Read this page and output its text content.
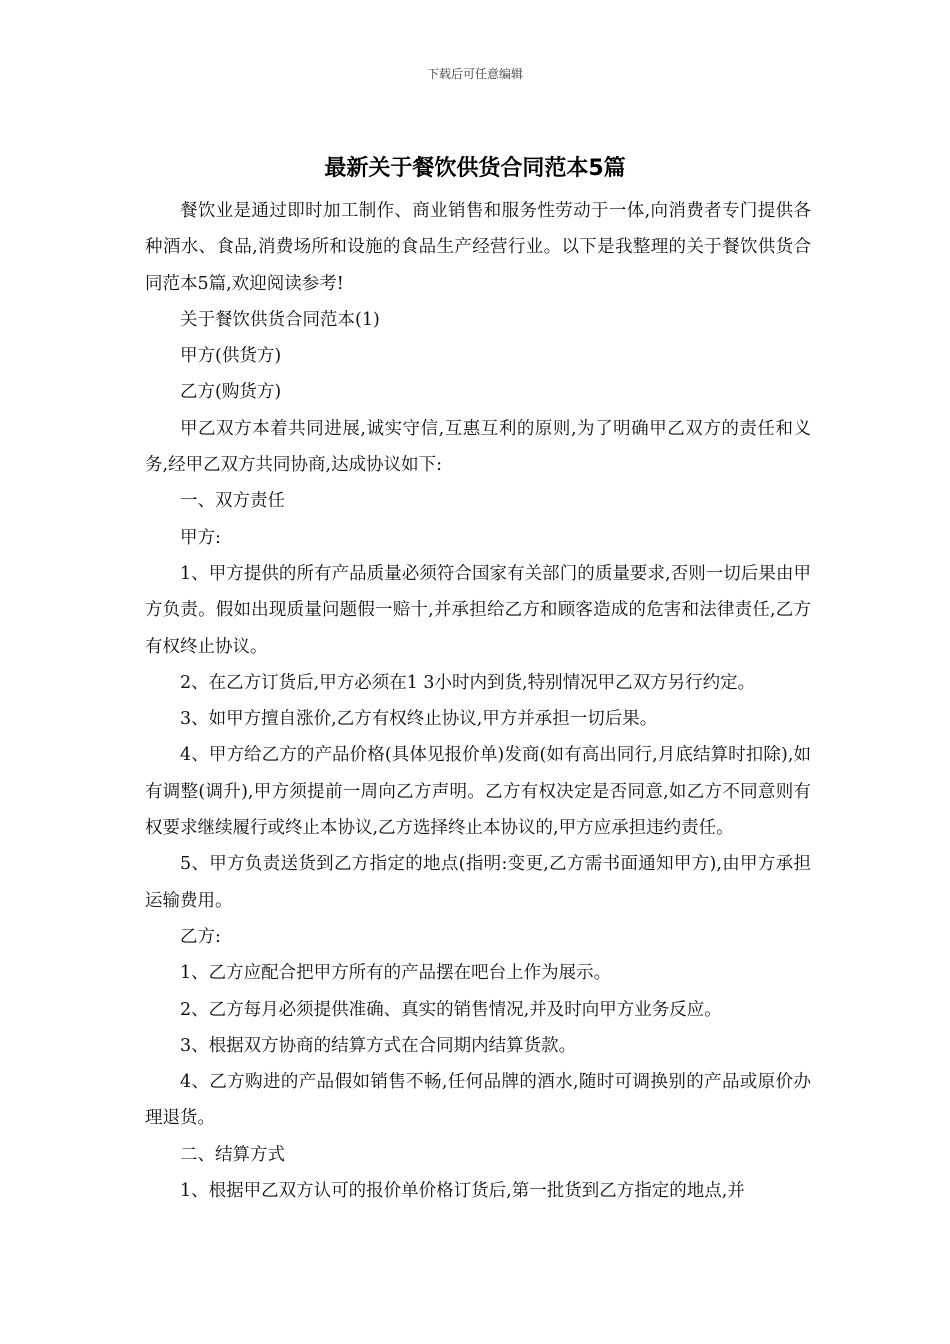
下载后可任意编辑
最新关于餐饮供货合同范本5篇

餐饮业是通过即时加工制作、商业销售和服务性劳动于一体,向消费者专门提供各种酒水、食品,消费场所和设施的食品生产经营行业。以下是我整理的关于餐饮供货合同范本5篇,欢迎阅读参考!

关于餐饮供货合同范本(1)

甲方(供货方)

乙方(购货方)

甲乙双方本着共同进展,诚实守信,互惠互利的原则,为了明确甲乙双方的责任和义务,经甲乙双方共同协商,达成协议如下:

一、双方责任

甲方:

1、甲方提供的所有产品质量必须符合国家有关部门的质量要求,否则一切后果由甲方负责。假如出现质量问题假一赔十,并承担给乙方和顾客造成的危害和法律责任,乙方有权终止协议。

2、在乙方订货后,甲方必须在1 3小时内到货,特别情况甲乙双方另行约定。

3、如甲方擅自涨价,乙方有权终止协议,甲方并承担一切后果。

4、甲方给乙方的产品价格(具体见报价单)发商(如有高出同行,月底结算时扣除),如有调整(调升),甲方须提前一周向乙方声明。乙方有权决定是否同意,如乙方不同意则有权要求继续履行或终止本协议,乙方选择终止本协议的,甲方应承担违约责任。

5、甲方负责送货到乙方指定的地点(指明:变更,乙方需书面通知甲方),由甲方承担运输费用。

乙方:

1、乙方应配合把甲方所有的产品摆在吧台上作为展示。

2、乙方每月必须提供准确、真实的销售情况,并及时向甲方业务反应。

3、根据双方协商的结算方式在合同期内结算货款。

4、乙方购进的产品假如销售不畅,任何品牌的酒水,随时可调换别的产品或原价办理退货。

二、结算方式

1、根据甲乙双方认可的报价单价格订货后,第一批货到乙方指定的地点,并
